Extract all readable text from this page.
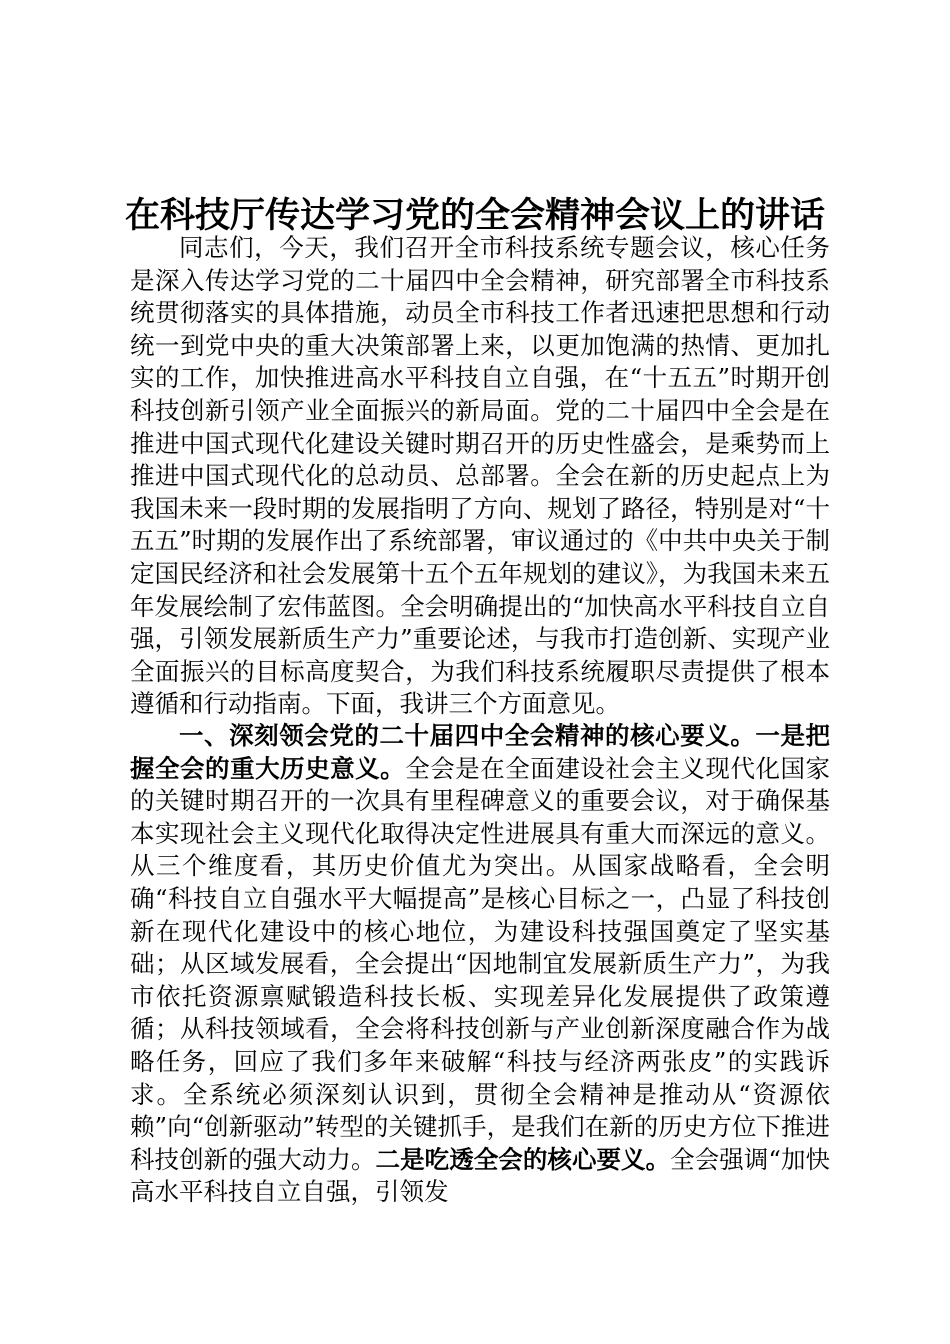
在科技厅传达学习党的全会精神会议上的讲话

同志们，今天，我们召开全市科技系统专题会议，核心任务是深入传达学习党的二十届四中全会精神，研究部署全市科技系统贯彻落实的具体措施，动员全市科技工作者迅速把思想和行动统一到党中央的重大决策部署上来，以更加饱满的热情、更加扎实的工作，加快推进高水平科技自立自强，在“十五五”时期开创科技创新引领产业全面振兴的新局面。党的二十届四中全会是在推进中国式现代化建设关键时期召开的历史性盛会，是乘势而上推进中国式现代化的总动员、总部署。全会在新的历史起点上为我国未来一段时期的发展指明了方向、规划了路径，特别是对“十五五”时期的发展作出了系统部署，审议通过的《中共中央关于制定国民经济和社会发展第十五个五年规划的建议》，为我国未来五年发展绘制了宏伟蓝图。全会明确提出的“加快高水平科技自立自强，引领发展新质生产力”重要论述，与我市打造创新、实现产业全面振兴的目标高度契合，为我们科技系统履职尽责提供了根本遵循和行动指南。下面，我讲三个方面意见。

一、深刻领会党的二十届四中全会精神的核心要义。一是把握全会的重大历史意义。全会是在全面建设社会主义现代化国家的关键时期召开的一次具有里程碑意义的重要会议，对于确保基本实现社会主义现代化取得决定性进展具有重大而深远的意义。从三个维度看，其历史价值尤为突出。从国家战略看，全会明确“科技自立自强水平大幅提高”是核心目标之一，凸显了科技创新在现代化建设中的核心地位，为建设科技强国奠定了坚实基础；从区域发展看，全会提出“因地制宜发展新质生产力”，为我市依托资源禀赋锻造科技长板、实现差异化发展提供了政策遵循；从科技领域看，全会将科技创新与产业创新深度融合作为战略任务，回应了我们多年来破解“科技与经济两张皮”的实践诉求。全系统必须深刻认识到，贯彻全会精神是推动从“资源依赖”向“创新驱动”转型的关键抓手，是我们在新的历史方位下推进科技创新的强大动力。二是吃透全会的核心要义。全会强调“加快高水平科技自立自强，引领发
